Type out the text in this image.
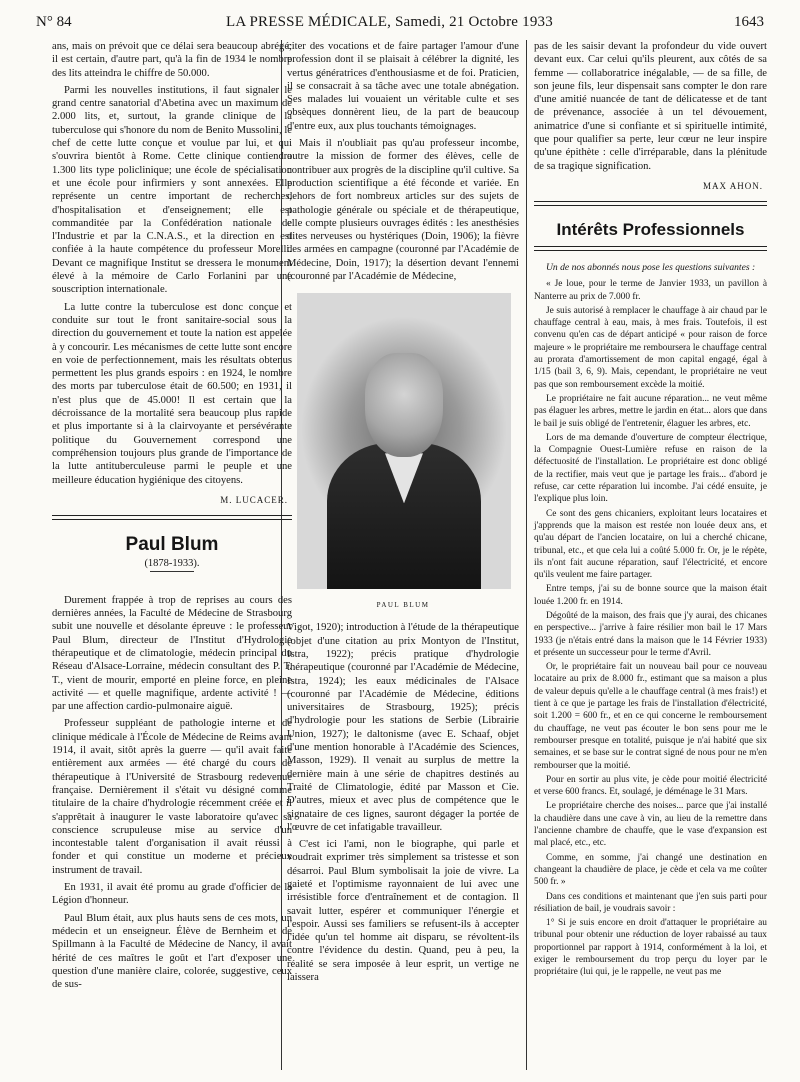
N° 84	LA PRESSE MÉDICALE, Samedi, 21 Octobre 1933	1643

ans, mais on prévoit que ce délai sera beaucoup abrégé; il est certain, d'autre part, qu'à la fin de 1934 le nombre des lits atteindra le chiffre de 50.000.

Parmi les nouvelles institutions, il faut signaler le grand centre sanatorial d'Abetina avec un maximum de 2.000 lits, et, surtout, la grande clinique de la tuberculose qui s'honore du nom de Benito Mussolini, le chef de cette lutte conçue et voulue par lui, et qui s'ouvrira bientôt à Rome. Cette clinique contiendra 1.300 lits type policlinique; une école de spécialisation et une école pour infirmiers y sont annexées. Elle représente un centre important de recherches, d'hospitalisation et d'enseignement; elle est commanditée par la Confédération nationale de l'Industrie et par la C.N.A.S., et la direction en est confiée à la haute compétence du professeur Morelli. Devant ce magnifique Institut se dressera le monument élevé à la mémoire de Carlo Forlanini par une souscription internationale.

La lutte contre la tuberculose est donc conçue et conduite sur tout le front sanitaire-social sous la direction du gouvernement et toute la nation est appelée à y concourir. Les mécanismes de cette lutte sont encore en voie de perfectionnement, mais les résultats obtenus permettent les plus grands espoirs : en 1924, le nombre des morts par tuberculose était de 60.500; en 1931, il n'est plus que de 45.000! Il est certain que la décroissance de la mortalité sera beaucoup plus rapide et plus importante si à la clairvoyante et persévérante politique du Gouvernement correspond une compréhension toujours plus grande de l'importance de la lutte antituberculeuse parmi le peuple et une meilleure éducation hygiénique des citoyens.

M. LUCACER.
Paul Blum
(1878-1933).

Durement frappée à trop de reprises au cours des dernières années, la Faculté de Médecine de Strasbourg subit une nouvelle et désolante épreuve : le professeur Paul Blum, directeur de l'Institut d'Hydrologie thérapeutique et de climatologie, médecin principal du Réseau d'Alsace-Lorraine, médecin consultant des P. T. T., vient de mourir, emporté en pleine force, en pleine activité — et quelle magnifique, ardente activité ! — par une affection cardio-pulmonaire aiguë.

Professeur suppléant de pathologie interne et de clinique médicale à l'École de Médecine de Reims avant 1914, il avait, sitôt après la guerre — qu'il avait faite entièrement aux armées — été chargé du cours de thérapeutique à l'Université de Strasbourg redevenue française. Dernièrement il s'était vu désigné comme titulaire de la chaire d'hydrologie récemment créée et il s'apprêtait à inaugurer le vaste laboratoire qu'avec sa conscience scrupuleuse mise au service d'un incontestable talent d'organisation il avait réussi à fonder et qui constitue un moderne et précieux instrument de travail.

En 1931, il avait été promu au grade d'officier de la Légion d'honneur.

Paul Blum était, aux plus hauts sens de ces mots, un médecin et un enseigneur. Élève de Bernheim et de Spillmann à la Faculté de Médecine de Nancy, il avait hérité de ces maîtres le goût et l'art d'exposer une question d'une manière claire, colorée, suggestive, ceux de sus-

citer des vocations et de faire partager l'amour d'une profession dont il se plaisait à célébrer la dignité, les vertus génératrices d'enthousiasme et de foi. Praticien, il se consacrait à sa tâche avec une totale abnégation. Ses malades lui vouaient un véritable culte et ses obsèques donnèrent lieu, de la part de beaucoup d'entre eux, aux plus touchants témoignages.

Mais il n'oubliait pas qu'au professeur incombe, outre la mission de former des élèves, celle de contribuer aux progrès de la discipline qu'il cultive. Sa production scientifique a été féconde et variée. En dehors de fort nombreux articles sur des sujets de pathologie générale ou spéciale et de thérapeutique, elle compte plusieurs ouvrages édités : les anesthésies dites nerveuses ou hystériques (Doin, 1906); la fièvre des armées en campagne (couronné par l'Académie de Médecine, Doin, 1917); la désertion devant l'ennemi (couronné par l'Académie de Médecine,

PAUL BLUM

Vigot, 1920); introduction à l'étude de la thérapeutique (objet d'une citation au prix Montyon de l'Institut, Istra, 1922); précis pratique d'hydrologie thérapeutique (couronné par l'Académie de Médecine, Istra, 1924); les eaux médicinales de l'Alsace (couronné par l'Académie de Médecine, éditions universitaires de Strasbourg, 1925); précis d'hydrologie pour les stations de Serbie (Librairie Union, 1927); le daltonisme (avec E. Schaaf, objet d'une mention honorable à l'Académie des Sciences, Masson, 1929). Il venait au surplus de mettre la dernière main à une série de chapitres destinés au Traité de Climatologie, édité par Masson et Cie. D'autres, mieux et avec plus de compétence que le signataire de ces lignes, sauront dégager la portée de l'œuvre de cet infatigable travailleur.

C'est ici l'ami, non le biographe, qui parle et voudrait exprimer très simplement sa tristesse et son désarroi. Paul Blum symbolisait la joie de vivre. La gaieté et l'optimisme rayonnaient de lui avec une irrésistible force d'entraînement et de contagion. Il savait lutter, espérer et communiquer l'énergie et l'espoir. Aussi ses familiers se refusent-ils à accepter l'idée qu'un tel homme ait disparu, se révoltent-ils contre l'évidence du destin. Quand, peu à peu, la réalité se sera imposée à leur esprit, un vertige ne laissera

pas de les saisir devant la profondeur du vide ouvert devant eux. Car celui qu'ils pleurent, aux côtés de sa femme — collaboratrice inégalable, — de sa fille, de son jeune fils, leur dispensait sans compter le don rare d'une amitié nuancée de tant de délicatesse et de tant de prévenance, associée à un tel dévouement, animatrice d'une si confiante et si spirituelle intimité, que pour qualifier sa perte, leur cœur ne leur inspire qu'une épithète : celle d'irréparable, dans la plénitude de sa tragique signification.

MAX AHON.
Intérêts Professionnels

Un de nos abonnés nous pose les questions suivantes :

« Je loue, pour le terme de Janvier 1933, un pavillon à Nanterre au prix de 7.000 fr.

Je suis autorisé à remplacer le chauffage à air chaud par le chauffage central à eau, mais, à mes frais. Toutefois, il est convenu qu'en cas de départ anticipé « pour raison de force majeure » le propriétaire me remboursera le chauffage central au prorata d'amortissement de mon capital engagé, égal à 1/15 (bail 3, 6, 9). Mais, cependant, le propriétaire ne veut pas que son remboursement excède la moitié.

Le propriétaire ne fait aucune réparation... ne veut même pas élaguer les arbres, mettre le jardin en état... alors que dans le bail je suis obligé de l'entretenir, élaguer les arbres, etc.

Lors de ma demande d'ouverture de compteur électrique, la Compagnie Ouest-Lumière refuse en raison de la défectuosité de l'installation. Le propriétaire est donc obligé de la rectifier, mais veut que je partage les frais... d'abord je refuse, car cette réparation lui incombe. J'ai cédé ensuite, je l'explique plus loin.

Ce sont des gens chicaniers, exploitant leurs locataires et j'apprends que la maison est restée non louée deux ans, et qu'au départ de l'ancien locataire, on lui a cherché chicane, tribunal, etc., et que cela lui a coûté 5.000 fr. Or, je le répète, ils n'ont fait aucune réparation, sauf l'électricité, et encore qu'ils veulent me faire partager.

Entre temps, j'ai su de bonne source que la maison était louée 1.200 fr. en 1914.

Dégoûté de la maison, des frais que j'y aurai, des chicanes en perspective... j'arrive à faire résilier mon bail le 17 Mars 1933 (je n'étais entré dans la maison que le 14 Février 1933) et présente un successeur pour le terme d'Avril.

Or, le propriétaire fait un nouveau bail pour ce nouveau locataire au prix de 8.000 fr., estimant que sa maison a plus de valeur depuis qu'elle a le chauffage central (à mes frais!) et tient à ce que je partage les frais de l'installation d'électricité, soit 1.200 = 600 fr., et en ce qui concerne le remboursement du chauffage, ne veut pas écouter le bon sens pour me le rembourser presque en totalité, puisque je n'ai habité que six semaines, et se base sur le contrat signé de nous pour ne m'en rembourser que la moitié.

Pour en sortir au plus vite, je cède pour moitié électricité et verse 600 francs. Et, soulagé, je déménage le 31 Mars.

Le propriétaire cherche des noises... parce que j'ai installé la chaudière dans une cave à vin, au lieu de la remettre dans l'ancienne chambre de chauffe, que le vase d'expansion est mal placé, etc., etc.

Comme, en somme, j'ai changé une destination en changeant la chaudière de place, je cède et cela va me coûter 500 fr. »

Dans ces conditions et maintenant que j'en suis parti pour résiliation de bail, je voudrais savoir :

1° Si je suis encore en droit d'attaquer le propriétaire au tribunal pour obtenir une réduction de loyer rabaissé au taux proportionnel par rapport à 1914, conformément à la loi, et exiger le remboursement du trop perçu du loyer par le propriétaire (lui qui, je le rappelle, ne veut pas me
